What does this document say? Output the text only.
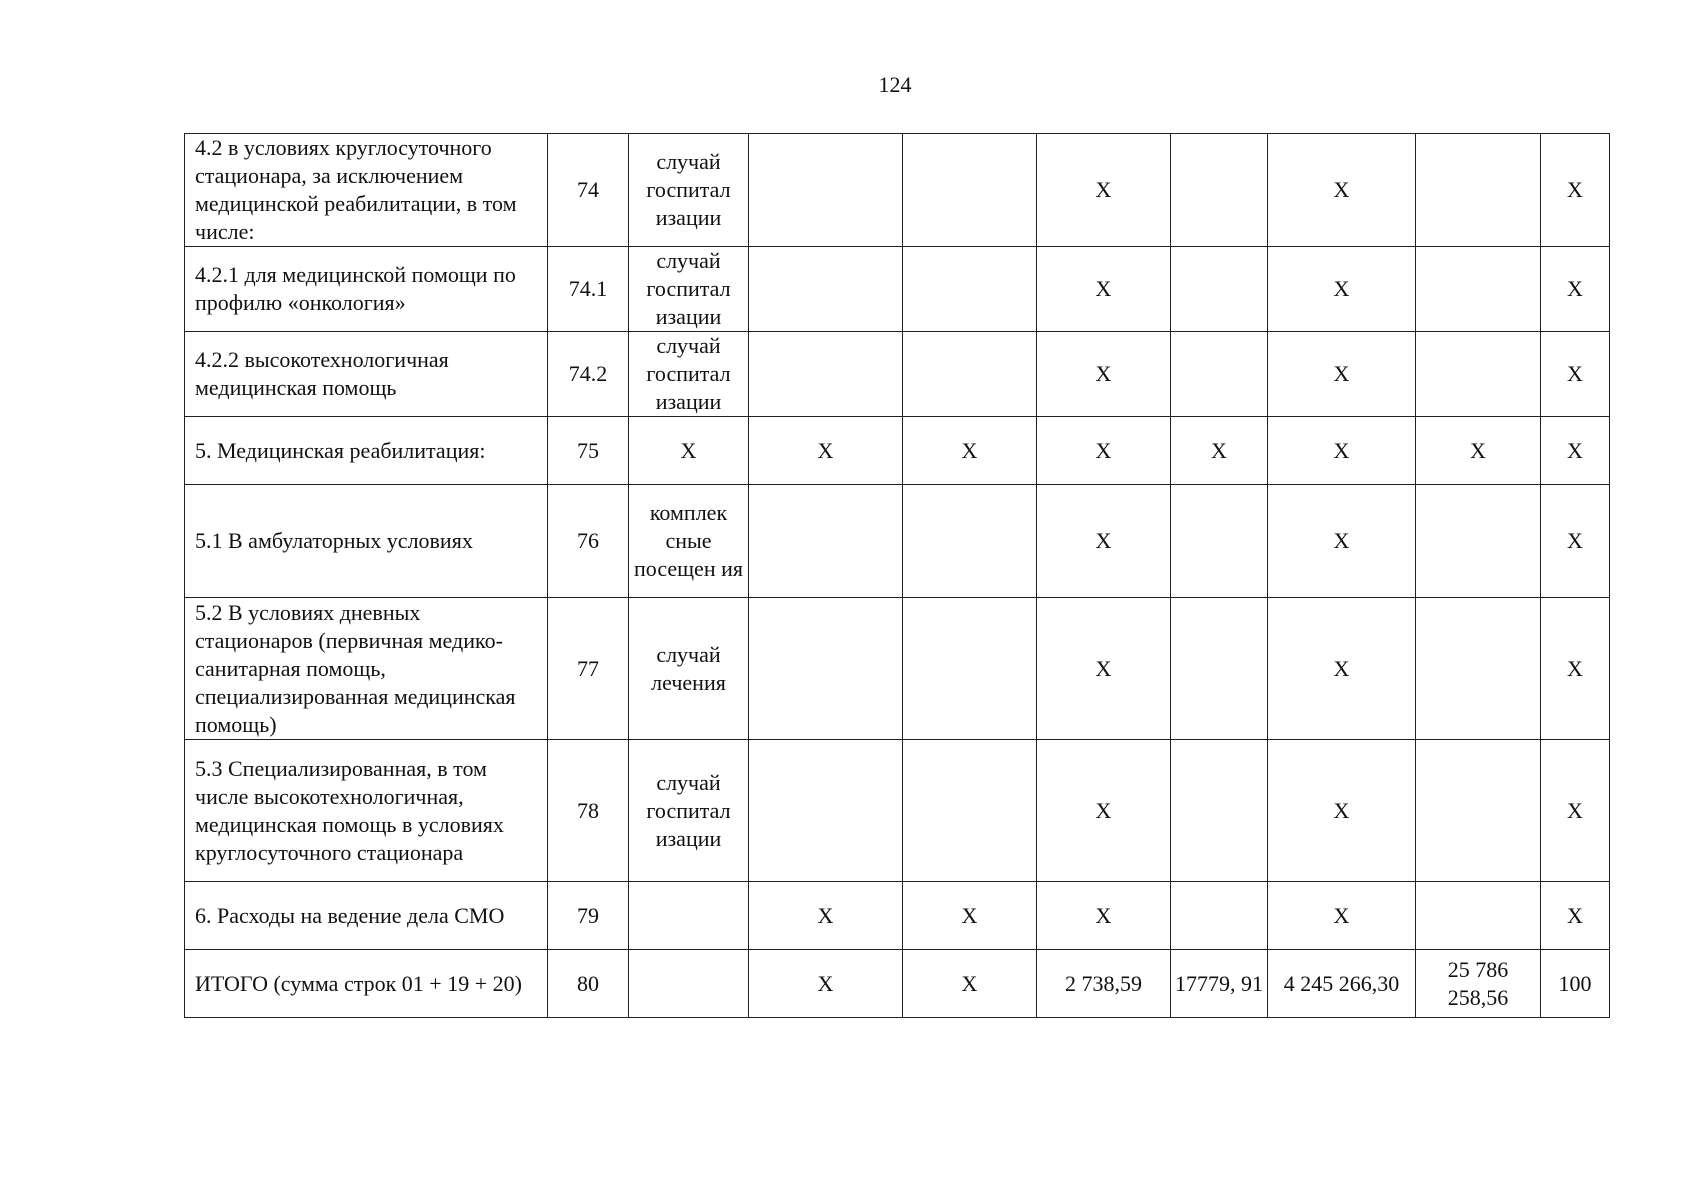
124
4.2 в условиях круглосуточного стационара, за исключением медицинской реабилитации, в том числе:	74	случай госпитал изации			Х		Х		Х

4.2.1 для медицинской помощи по профилю «онкология»	74.1	случай госпитал изации			Х		Х		Х

4.2.2 высокотехнологичная медицинская помощь	74.2	случай госпитал изации			Х		Х		Х

5. Медицинская реабилитация:	75	Х	Х	Х	Х	Х	Х	Х	Х

5.1 В амбулаторных условиях	76	комплек сные посещен ия			Х		Х		Х

5.2 В условиях дневных стационаров (первичная медико-санитарная помощь, специализированная медицинская помощь)	77	случай лечения			Х		Х		Х

5.3 Специализированная, в том числе высокотехнологичная, медицинская помощь в условиях круглосуточного стационара	78	случай госпитал изации			Х		Х		Х

6. Расходы на ведение дела СМО	79		Х	Х	Х		Х		Х

ИТОГО (сумма строк 01 + 19 + 20)	80		Х	Х	2 738,59	17779, 91	4 245 266,30	25 786 258,56	100
